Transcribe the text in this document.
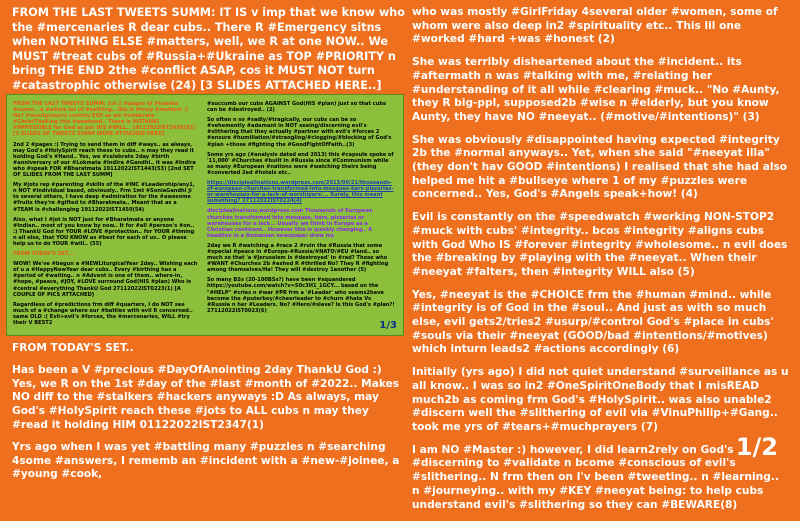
FROM THE LAST TWEETS SUMM: IT IS v imp that we know who the #mercenaries R dear cubs.. There R #Emergency sitns when NOTHING ELSE #matters, well, we R at one NOW.. We MUST #treat cubs of #Russia+#Ukraine as TOP #PRIORITY n bring THE END 2the #conflict ASAP, cos it MUST NOT turn #catastrophic otherwise (24) [3 SLIDES ATTACHED HERE..]

FROM THE LAST TWEETS SUMM: 1st 2 #pages of #tweets #summ.. a #whole lot of #settling.. like it #truly #matters :) Ha? #muchprayers continu ESP as we #celebrate #ChristTheKing this #weekend.. There is NOTHING #IMPOSSIBLE for God as per HIS #WILL.. 19112022IST1436(52) [3 SLIDES OF TWEETS SUMM WERE ATTACHED HERE]

2nd 2 #pages :) Trying to send them in diff #ways.. as always, may God's #HolySpirit reach these to cubs.. n may they read it holding God's #Hand.. Yes, we #celebrate 2day #birth #anniversary of our #Lokmata #Indira #Gandhi.. it was #Indira who #speak FOR #Bharatmata 19112022IST1443(53) [2nd SET OF SLIDES FROM THE LAST SUMM]

My #jots rep #parenting #skills of the #INC #Leadership/any1, n NOT #individual based, obviously.. Frm 1mt #SoniaGandhi ji to several others, I have deep #admiration for the #awesome #fruits they're #gifted to #Bharatmata.. Meant that as a #TEAM is #challenging 19112022IST1450(54)

Also, what I #jot is NOT just for #Bharatmata or anyone #Indian.. most of you know by now.. It for #all #person's #on.. :) ThankU God for YOUR #LOVE #protection.. for YOUR #timing n all else, that YOU KNOW as #best for each of us.. O please help us to do YOUR #will.. (55)

FROM TODAY'S SET...

WOW! We've #begun a #NEWLiturgicalYear 2day.. Wishing each of u a #HappyNewYear dear cubs.. Every #birthing has a #period of #waiting.. n #Advent is one of them.. where-in, #hope, #peace, #JOY, #LOVE surround God(HIS #plan) Who is #central #everything ThankU God 27112022IST0223(1) [A COUPLE OF PICS ATTACHED]

Regardless of #predictions frm diff #quarters, I do NOT see much of a #change where our #battles with evil R concerned.. same OLD :( Evil+evil's #forces, the #mercenaries, WILL #try their V BEST2

#succumb our cubs AGAINST God(HIS #plan) just so that cubs can be #destroyed.. (2)

So often n so #sadly/#tragically, our cubs can be so #vehemently #adamant in NOT seeing/discerning evil's #slithering that they actually #partner with evil's #forces 2 #ensure #humiliation/#strangling/#clogging/#blocking of God's #plan +those #fighting the #GoodFightOfFaith..(3)

Some yrs ago (#analysis dated end 2013) this #capsule spoke of '11,000' #Churches #built in #Russia since #Communism while so many #European #nations were #watching theirs being #converted 2ed #hotels etc..

https://discipleallnations.wordpress.com/2013/09/21/thousands-of-european-churches-transformed-into-mosques-bars-pizzerias-or-warehouses-for-a-lack-of-worshipers/... Surely, this meant something? 27112022IST0224(4)

discipleallnations.wordpress.com Thousands of European churches transformed into mosques, bars, pizzerias or warehouses for a lack... Usually we think in Europe as a Christian continent.. However this is quickly changing.. A headline in a Romanian newspaper drew my

2day we R #watching a #race 2 #ruin the #Russia that some #special #peace in #Europe-#Russia/#NATO/#EU #land.. so much so that 'a #Jerusalem is #destroyed' in #rad? Those who #WANT #Churches 2b #ashed R #thrilled No? They R #fighting among themselves/Ha! They will #destroy 1another (5)

So many BSs (20-100BSs?) have been #squandered https://youtube.com/watch?v=S0c3H1_1GCY... based on the "#HELP" #cries n #war #PR frm a '#Leader' who seems2have become the #puterboy/#cheerleader to #churn #hate Vs #Russia n her #Leaders. No? #Hero/#slave? Is this God's #plan?! 27112022IST0023(6)

1/3

FROM TODAY'S SET..

Has been a V #precious #DayOfAnointing 2day ThankU God :) Yes, we R on the 1st #day of the #last #month of #2022.. Makes NO diff to the #stalkers #hackers anyways :D As always, may God's #HolySpirit reach these #jots to ALL cubs n may they #read it holding HIM 01122022IST2347(1)

Yrs ago when I was yet #battling many #puzzles n #searching 4some #answers, I rememb an #incident with a #new-#joinee, a #young #cook,

who was mostly #GirlFriday 4several older #women, some of whom were also deep in2 #spirituality etc.. This lil one #worked #hard +was #honest (2)

She was terribly disheartened about the #incident.. its #aftermath n was #talking with me, #relating her #understanding of it all while #clearing #muck.. "No #Aunty, they R big-ppl, supposed2b #wise n #elderly, but you know Aunty, they have NO #neeyat.. (#motive/#intentions)" (3)

She was obviously #disappointed having expected #integrity 2b the #normal anyways.. Yet, when she said "#neeyat illa" (they don't hav GOOD #intentions) I realised that she had also helped me hit a #bullseye where 1 of my #puzzles were concerned.. Yes, God's #Angels speak+how! (4)

Evil is constantly on the #speedwatch #working NON-STOP2 #muck with cubs' #integrity.. bcos #integrity #aligns cubs with God Who IS #forever #integrity #wholesome.. n evil does the #breaking by #playing with the #neeyat.. When their #neeyat #falters, then #integrity WILL also (5)

Yes, #neeyat is the #CHOICE frm the #human #mind.. while #integrity is of God in the #soul.. And just as with so much else, evil gets2/tries2 #usurp/#control God's #place in cubs' #souls via their #neeyat (GOOD/bad #intentions/#motives) which inturn leads2 #actions accordingly (6)

Initially (yrs ago) I did not quiet understand #surveillance as u all know.. I was so in2 #OneSpiritOneBody that I misREAD much2b as coming frm God's #HolySpirit.. was also unable2 #discern well the #slithering of evil via #VinuPhilip+#Gang.. took me yrs of #tears+#muchprayers (7)

I am NO #Master :) however, I did learn2rely on God's #discerning to #validate n bcome #conscious of evil's #slithering.. N frm then on I'v been #tweeting.. n #learning.. n #journeying.. with my #KEY #neeyat being: to help cubs understand evil's #slithering so they can #BEWARE(8)

1/2
